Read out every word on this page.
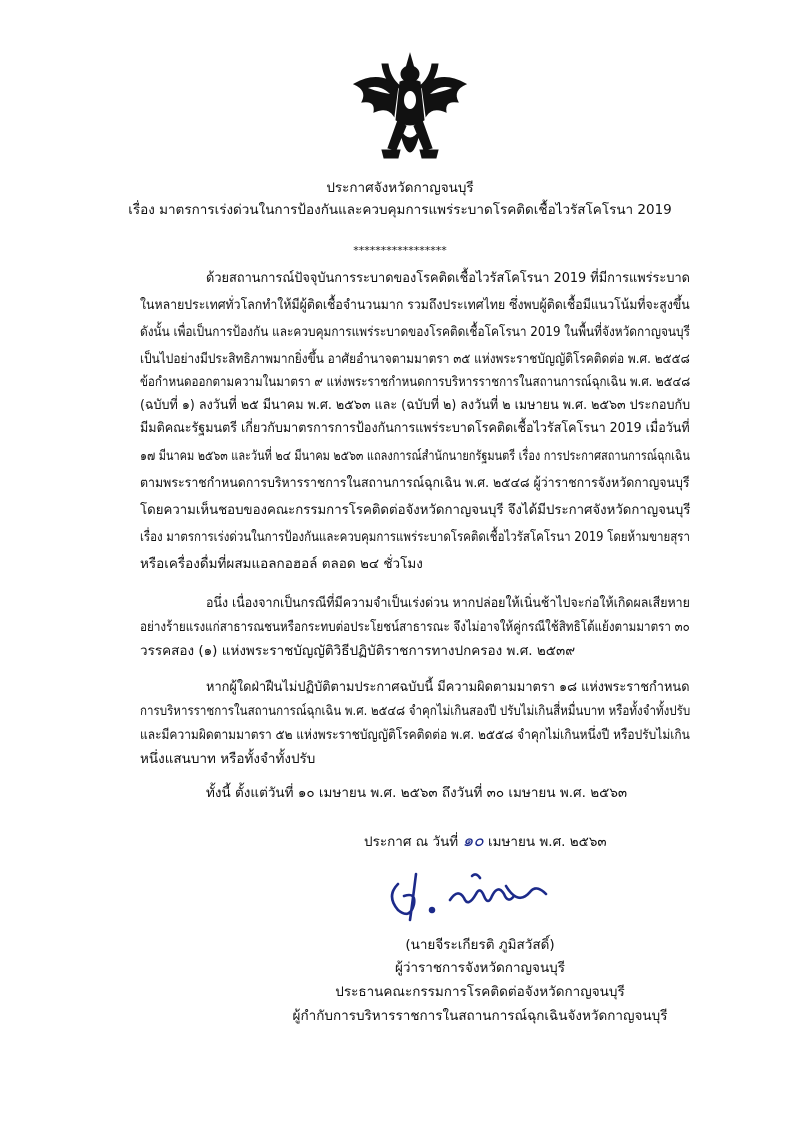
ประกาศจังหวัดกาญจนบุรี
เรื่อง มาตรการเร่งด่วนในการป้องกันและควบคุมการแพร่ระบาดโรคติดเชื้อไวรัสโคโรนา 2019
*****************
ด้วยสถานการณ์ปัจจุบันการระบาดของโรคติดเชื้อไวรัสโคโรนา 2019 ที่มีการแพร่ระบาด
ในหลายประเทศทั่วโลกทำให้มีผู้ติดเชื้อจำนวนมาก รวมถึงประเทศไทย ซึ่งพบผู้ติดเชื้อมีแนวโน้มที่จะสูงขึ้น
ดังนั้น เพื่อเป็นการป้องกัน และควบคุมการแพร่ระบาดของโรคติดเชื้อโคโรนา 2019 ในพื้นที่จังหวัดกาญจนบุรี
เป็นไปอย่างมีประสิทธิภาพมากยิ่งขึ้น อาศัยอำนาจตามมาตรา ๓๕ แห่งพระราชบัญญัติโรคติดต่อ พ.ศ. ๒๕๕๘
ข้อกำหนดออกตามความในมาตรา ๙ แห่งพระราชกำหนดการบริหารราชการในสถานการณ์ฉุกเฉิน พ.ศ. ๒๕๔๘
(ฉบับที่ ๑) ลงวันที่ ๒๕ มีนาคม พ.ศ. ๒๕๖๓ และ (ฉบับที่ ๒) ลงวันที่ ๒ เมษายน พ.ศ. ๒๕๖๓ ประกอบกับ
มีมติคณะรัฐมนตรี เกี่ยวกับมาตรการการป้องกันการแพร่ระบาดโรคติดเชื้อไวรัสโคโรนา 2019 เมื่อวันที่
๑๗ มีนาคม ๒๕๖๓ และวันที่ ๒๔ มีนาคม ๒๕๖๓ แถลงการณ์สำนักนายกรัฐมนตรี เรื่อง การประกาศสถานการณ์ฉุกเฉิน
ตามพระราชกำหนดการบริหารราชการในสถานการณ์ฉุกเฉิน พ.ศ. ๒๕๔๘ ผู้ว่าราชการจังหวัดกาญจนบุรี
โดยความเห็นชอบของคณะกรรมการโรคติดต่อจังหวัดกาญจนบุรี จึงได้มีประกาศจังหวัดกาญจนบุรี
เรื่อง มาตรการเร่งด่วนในการป้องกันและควบคุมการแพร่ระบาดโรคติดเชื้อไวรัสโคโรนา 2019 โดยห้ามขายสุรา
หรือเครื่องดื่มที่ผสมแอลกอฮอล์ ตลอด ๒๔ ชั่วโมง
อนึ่ง เนื่องจากเป็นกรณีที่มีความจำเป็นเร่งด่วน หากปล่อยให้เนิ่นช้าไปจะก่อให้เกิดผลเสียหาย
อย่างร้ายแรงแก่สาธารณชนหรือกระทบต่อประโยชน์สาธารณะ จึงไม่อาจให้คู่กรณีใช้สิทธิโต้แย้งตามมาตรา ๓๐
วรรคสอง (๑) แห่งพระราชบัญญัติวิธีปฏิบัติราชการทางปกครอง พ.ศ. ๒๕๓๙
หากผู้ใดฝ่าฝืนไม่ปฏิบัติตามประกาศฉบับนี้ มีความผิดตามมาตรา ๑๘ แห่งพระราชกำหนด
การบริหารราชการในสถานการณ์ฉุกเฉิน พ.ศ. ๒๕๔๘ จำคุกไม่เกินสองปี ปรับไม่เกินสี่หมื่นบาท หรือทั้งจำทั้งปรับ
และมีความผิดตามมาตรา ๕๒ แห่งพระราชบัญญัติโรคติดต่อ พ.ศ. ๒๕๕๘ จำคุกไม่เกินหนึ่งปี หรือปรับไม่เกิน
หนึ่งแสนบาท หรือทั้งจำทั้งปรับ
ทั้งนี้ ตั้งแต่วันที่ ๑๐ เมษายน พ.ศ. ๒๕๖๓ ถึงวันที่ ๓๐ เมษายน พ.ศ. ๒๕๖๓
ประกาศ ณ วันที่ ๑๐ เมษายน พ.ศ. ๒๕๖๓
(นายจีระเกียรติ ภูมิสวัสดิ์)
ผู้ว่าราชการจังหวัดกาญจนบุรี
ประธานคณะกรรมการโรคติดต่อจังหวัดกาญจนบุรี
ผู้กำกับการบริหารราชการในสถานการณ์ฉุกเฉินจังหวัดกาญจนบุรี
